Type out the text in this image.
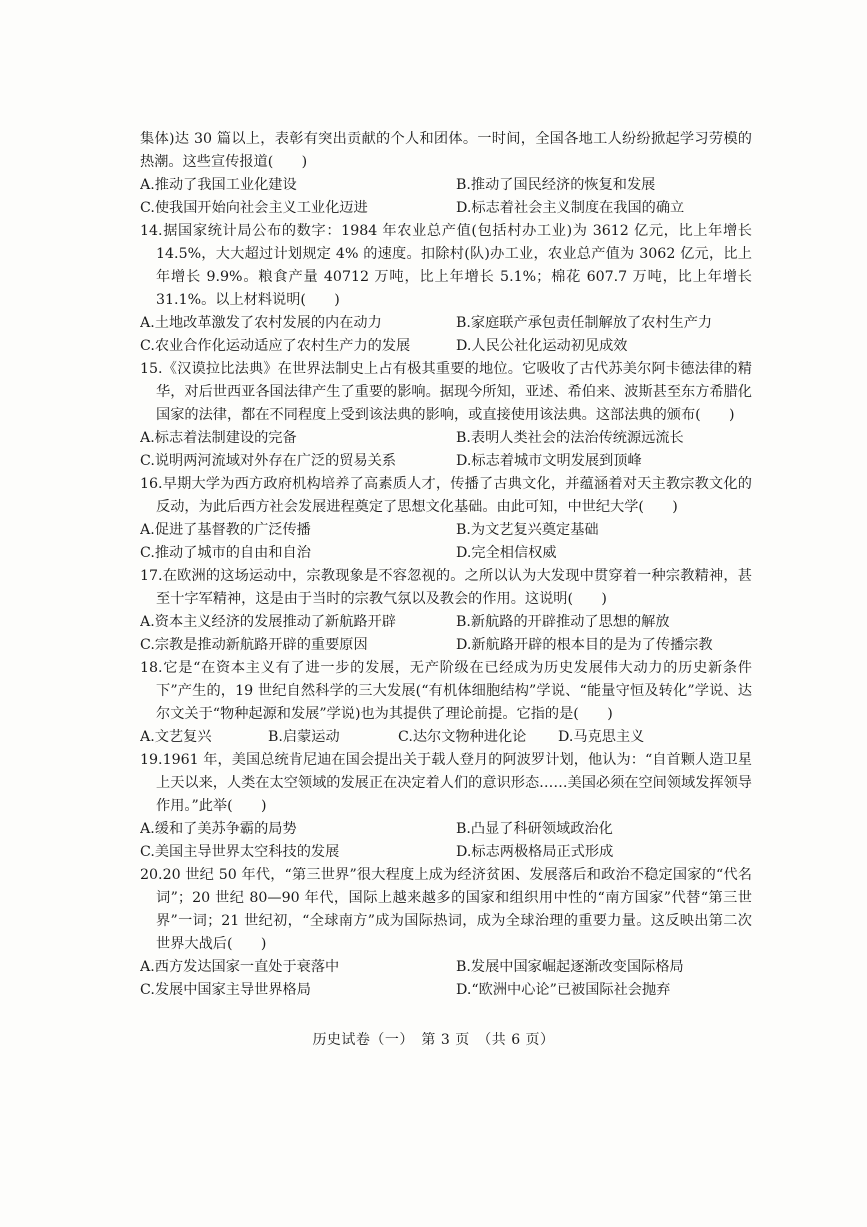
集体)达 30 篇以上，表彰有突出贡献的个人和团体。一时间，全国各地工人纷纷掀起学习劳模的热潮。这些宣传报道(　　)

A.推动了我国工业化建设	B.推动了国民经济的恢复和发展
C.使我国开始向社会主义工业化迈进	D.标志着社会主义制度在我国的确立

14.据国家统计局公布的数字：1984 年农业总产值(包括村办工业)为 3612 亿元，比上年增长 14.5%，大大超过计划规定 4% 的速度。扣除村(队)办工业，农业总产值为 3062 亿元，比上年增长 9.9%。粮食产量 40712 万吨，比上年增长 5.1%；棉花 607.7 万吨，比上年增长 31.1%。以上材料说明(　　)

A.土地改革激发了农村发展的内在动力	B.家庭联产承包责任制解放了农村生产力
C.农业合作化运动适应了农村生产力的发展	D.人民公社化运动初见成效

15.《汉谟拉比法典》在世界法制史上占有极其重要的地位。它吸收了古代苏美尔阿卡德法律的精华，对后世西亚各国法律产生了重要的影响。据现今所知，亚述、希伯来、波斯甚至东方希腊化国家的法律，都在不同程度上受到该法典的影响，或直接使用该法典。这部法典的颁布(　　)

A.标志着法制建设的完备	B.表明人类社会的法治传统源远流长
C.说明两河流域对外存在广泛的贸易关系	D.标志着城市文明发展到顶峰

16.早期大学为西方政府机构培养了高素质人才，传播了古典文化，并蕴涵着对天主教宗教文化的反动，为此后西方社会发展进程奠定了思想文化基础。由此可知，中世纪大学(　　)

A.促进了基督教的广泛传播	B.为文艺复兴奠定基础
C.推动了城市的自由和自治	D.完全相信权威

17.在欧洲的这场运动中，宗教现象是不容忽视的。之所以认为大发现中贯穿着一种宗教精神，甚至十字军精神，这是由于当时的宗教气氛以及教会的作用。这说明(　　)

A.资本主义经济的发展推动了新航路开辟	B.新航路的开辟推动了思想的解放
C.宗教是推动新航路开辟的重要原因	D.新航路开辟的根本目的是为了传播宗教

18.它是“在资本主义有了进一步的发展，无产阶级在已经成为历史发展伟大动力的历史新条件下”产生的，19 世纪自然科学的三大发展(“有机体细胞结构”学说、“能量守恒及转化”学说、达尔文关于“物种起源和发展”学说)也为其提供了理论前提。它指的是(　　)

A.文艺复兴	B.启蒙运动	C.达尔文物种进化论	D.马克思主义

19.1961 年，美国总统肯尼迪在国会提出关于载人登月的阿波罗计划，他认为：“自首颗人造卫星上天以来，人类在太空领域的发展正在决定着人们的意识形态……美国必须在空间领域发挥领导作用。”此举(　　)

A.缓和了美苏争霸的局势	B.凸显了科研领域政治化
C.美国主导世界太空科技的发展	D.标志两极格局正式形成

20.20 世纪 50 年代，“第三世界”很大程度上成为经济贫困、发展落后和政治不稳定国家的“代名词”；20 世纪 80—90 年代，国际上越来越多的国家和组织用中性的“南方国家”代替“第三世界”一词；21 世纪初，“全球南方”成为国际热词，成为全球治理的重要力量。这反映出第二次世界大战后(　　)

A.西方发达国家一直处于衰落中	B.发展中国家崛起逐渐改变国际格局
C.发展中国家主导世界格局	D.“欧洲中心论”已被国际社会抛弃
历史试卷（一）　第 3 页　（共 6 页）
